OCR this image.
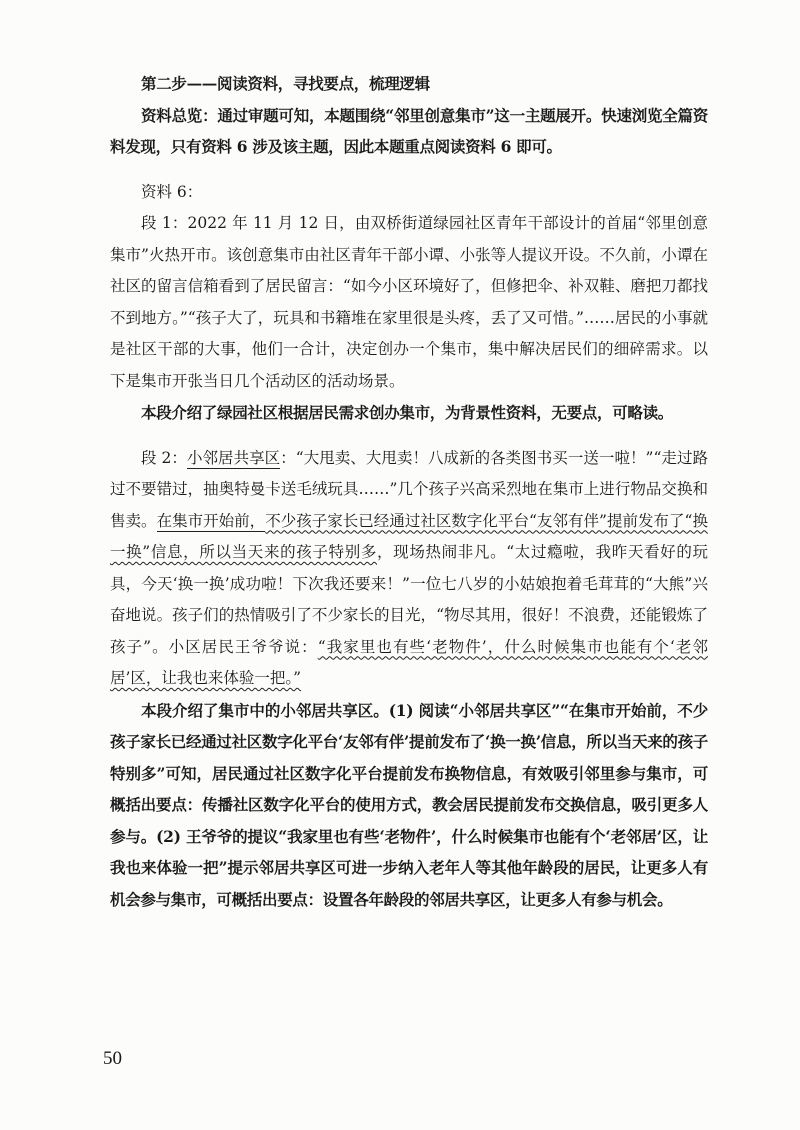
第二步——阅读资料，寻找要点，梳理逻辑

资料总览：通过审题可知，本题围绕“邻里创意集市”这一主题展开。快速浏览全篇资料发现，只有资料 6 涉及该主题，因此本题重点阅读资料 6 即可。

资料 6：

段 1：2022 年 11 月 12 日，由双桥街道绿园社区青年干部设计的首届“邻里创意集市”火热开市。该创意集市由社区青年干部小谭、小张等人提议开设。不久前，小谭在社区的留言信箱看到了居民留言：“如今小区环境好了，但修把伞、补双鞋、磨把刀都找不到地方。”“孩子大了，玩具和书籍堆在家里很是头疼，丢了又可惜。”……居民的小事就是社区干部的大事，他们一合计，决定创办一个集市，集中解决居民们的细碎需求。以下是集市开张当日几个活动区的活动场景。

本段介绍了绿园社区根据居民需求创办集市，为背景性资料，无要点，可略读。

段 2：小邻居共享区：“大甩卖、大甩卖！八成新的各类图书买一送一啦！”“走过路过不要错过，抽奥特曼卡送毛绒玩具……”几个孩子兴高采烈地在集市上进行物品交换和售卖。在集市开始前，不少孩子家长已经通过社区数字化平台“友邻有伴”提前发布了“换一换”信息，所以当天来的孩子特别多，现场热闹非凡。“太过瘾啦，我昨天看好的玩具，今天‘换一换’成功啦！下次我还要来！”一位七八岁的小姑娘抱着毛茸茸的“大熊”兴奋地说。孩子们的热情吸引了不少家长的目光，“物尽其用，很好！不浪费，还能锻炼了孩子”。小区居民王爷爷说：“我家里也有些‘老物件’，什么时候集市也能有个‘老邻居’区，让我也来体验一把。”

本段介绍了集市中的小邻居共享区。(1) 阅读“小邻居共享区”“在集市开始前，不少孩子家长已经通过社区数字化平台‘友邻有伴’提前发布了‘换一换’信息，所以当天来的孩子特别多”可知，居民通过社区数字化平台提前发布换物信息，有效吸引邻里参与集市，可概括出要点：传播社区数字化平台的使用方式，教会居民提前发布交换信息，吸引更多人参与。(2) 王爷爷的提议“我家里也有些‘老物件’，什么时候集市也能有个‘老邻居’区，让我也来体验一把”提示邻居共享区可进一步纳入老年人等其他年龄段的居民，让更多人有机会参与集市，可概括出要点：设置各年龄段的邻居共享区，让更多人有参与机会。

50
